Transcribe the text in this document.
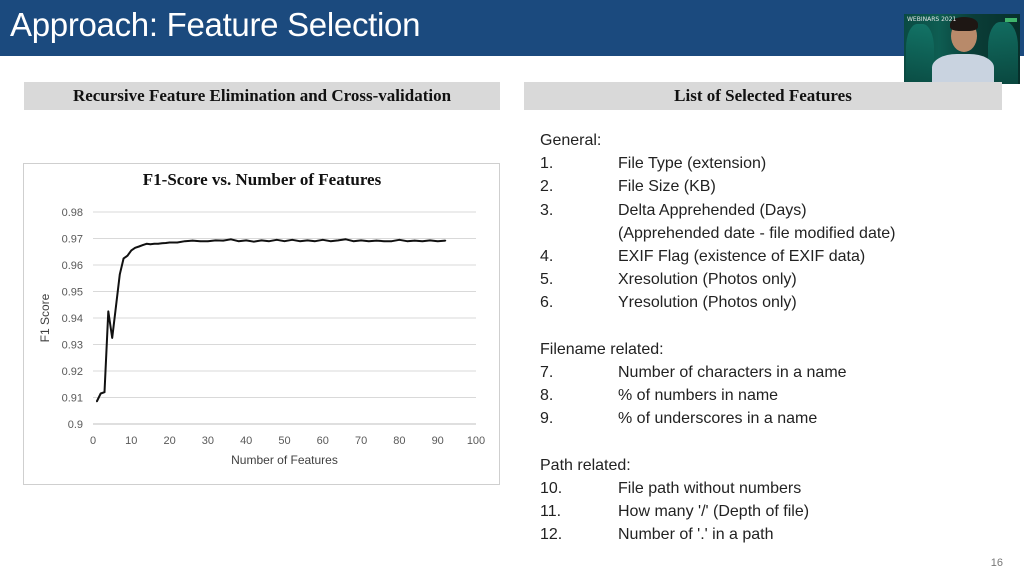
Approach: Feature Selection	WEBINARS 2021
Recursive Feature Elimination and Cross-validation	List of Selected Features
F1-Score vs. Number of Features
0.9
0.91
0.92
0.93
0.94
0.95
0.96
0.97
0.98
0	10 20 30 40 50 60 70 80 90 100
Number of Features
F1 Score
General:
1.	File Type (extension)
2.	File Size (KB)
3.	Delta Apprehended (Days)
(Apprehended date - file modified date)
4.	EXIF Flag (existence of EXIF data)
5.	Xresolution (Photos only)
6.	Yresolution (Photos only)
Filename related:
7.	Number of characters in a name
8.	% of numbers in name
9.	% of underscores in a name
Path related:
10.	File path without numbers
11.	How many '/' (Depth of file)
12.	Number of '.' in a path
16
